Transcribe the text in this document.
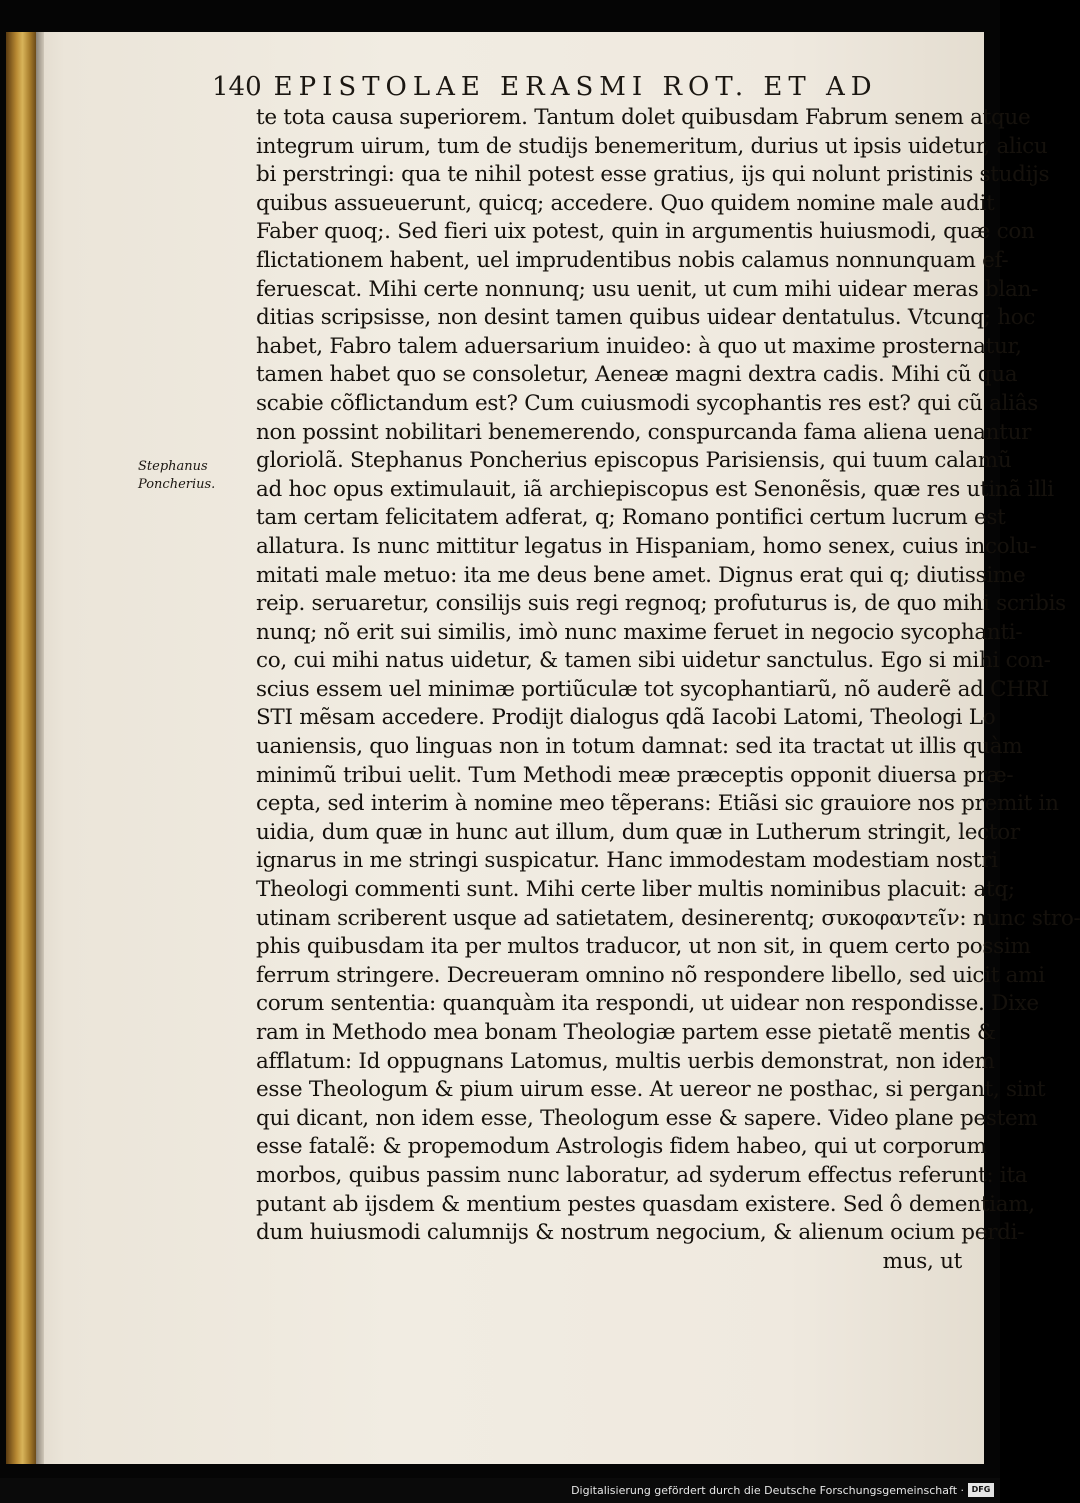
140 EPISTOLAE ERASMI ROT. ET AD
Stephanus
Poncherius.
te tota causa superiorem. Tantum dolet quibusdam Fabrum senem atque
integrum uirum, tum de studijs benemeritum, durius ut ipsis uidetur, alicu
bi perstringi: qua te nihil potest esse gratius, ijs qui nolunt pristinis studijs
quibus assueuerunt, quicq; accedere. Quo quidem nomine male audit
Faber quoq;. Sed fieri uix potest, quin in argumentis huiusmodi, quæ con
flictationem habent, uel imprudentibus nobis calamus nonnunquam ef-
feruescat. Mihi certe nonnunq; usu uenit, ut cum mihi uidear meras blan-
ditias scripsisse, non desint tamen quibus uidear dentatulus. Vtcunq; hoc
habet, Fabro talem aduersarium inuideo: à quo ut maxime prosternatur,
tamen habet quo se consoletur, Aeneæ magni dextra cadis. Mihi cũ qua
scabie cõflictandum est? Cum cuiusmodi sycophantis res est? qui cũ aliâs
non possint nobilitari benemerendo, conspurcanda fama aliena uenantur
gloriolã. Stephanus Poncherius episcopus Parisiensis, qui tuum calamũ
ad hoc opus extimulauit, iã archiepiscopus est Senonẽsis, quæ res utinã illi
tam certam felicitatem adferat, q; Romano pontifici certum lucrum est
allatura. Is nunc mittitur legatus in Hispaniam, homo senex, cuius incolu-
mitati male metuo: ita me deus bene amet. Dignus erat qui q; diutissime
reip. seruaretur, consilijs suis regi regnoq; profuturus is, de quo mihi scribis
nunq; nõ erit sui similis, imò nunc maxime feruet in negocio sycophanti-
co, cui mihi natus uidetur, & tamen sibi uidetur sanctulus. Ego si mihi con-
scius essem uel minimæ portiũculæ tot sycophantiarũ, nõ auderẽ ad CHRI
STI mẽsam accedere. Prodijt dialogus qdã Iacobi Latomi, Theologi Lo
uaniensis, quo linguas non in totum damnat: sed ita tractat ut illis quàm
minimũ tribui uelit. Tum Methodi meæ præceptis opponit diuersa præ-
cepta, sed interim à nomine meo tẽperans: Etiãsi sic grauiore nos premit in
uidia, dum quæ in hunc aut illum, dum quæ in Lutherum stringit, lector
ignarus in me stringi suspicatur. Hanc immodestam modestiam nostri
Theologi commenti sunt. Mihi certe liber multis nominibus placuit: atq;
utinam scriberent usque ad satietatem, desinerentq; συκοφαντεῖν: nunc stro-
phis quibusdam ita per multos traducor, ut non sit, in quem certo possim
ferrum stringere. Decreueram omnino nõ respondere libello, sed uicit ami
corum sententia: quanquàm ita respondi, ut uidear non respondisse. Dixe
ram in Methodo mea bonam Theologiæ partem esse pietatẽ mentis &
afflatum: Id oppugnans Latomus, multis uerbis demonstrat, non idem
esse Theologum & pium uirum esse. At uereor ne posthac, si pergant, sint
qui dicant, non idem esse, Theologum esse & sapere. Video plane pestem
esse fatalẽ: & propemodum Astrologis fidem habeo, qui ut corporum
morbos, quibus passim nunc laboratur, ad syderum effectus referunt: ita
putant ab ijsdem & mentium pestes quasdam existere. Sed ô dementiam,
dum huiusmodi calumnijs & nostrum negocium, & alienum ocium perdi-
mus, ut
Digitalisierung gefördert durch die Deutsche Forschungsgemeinschaft · DFG
